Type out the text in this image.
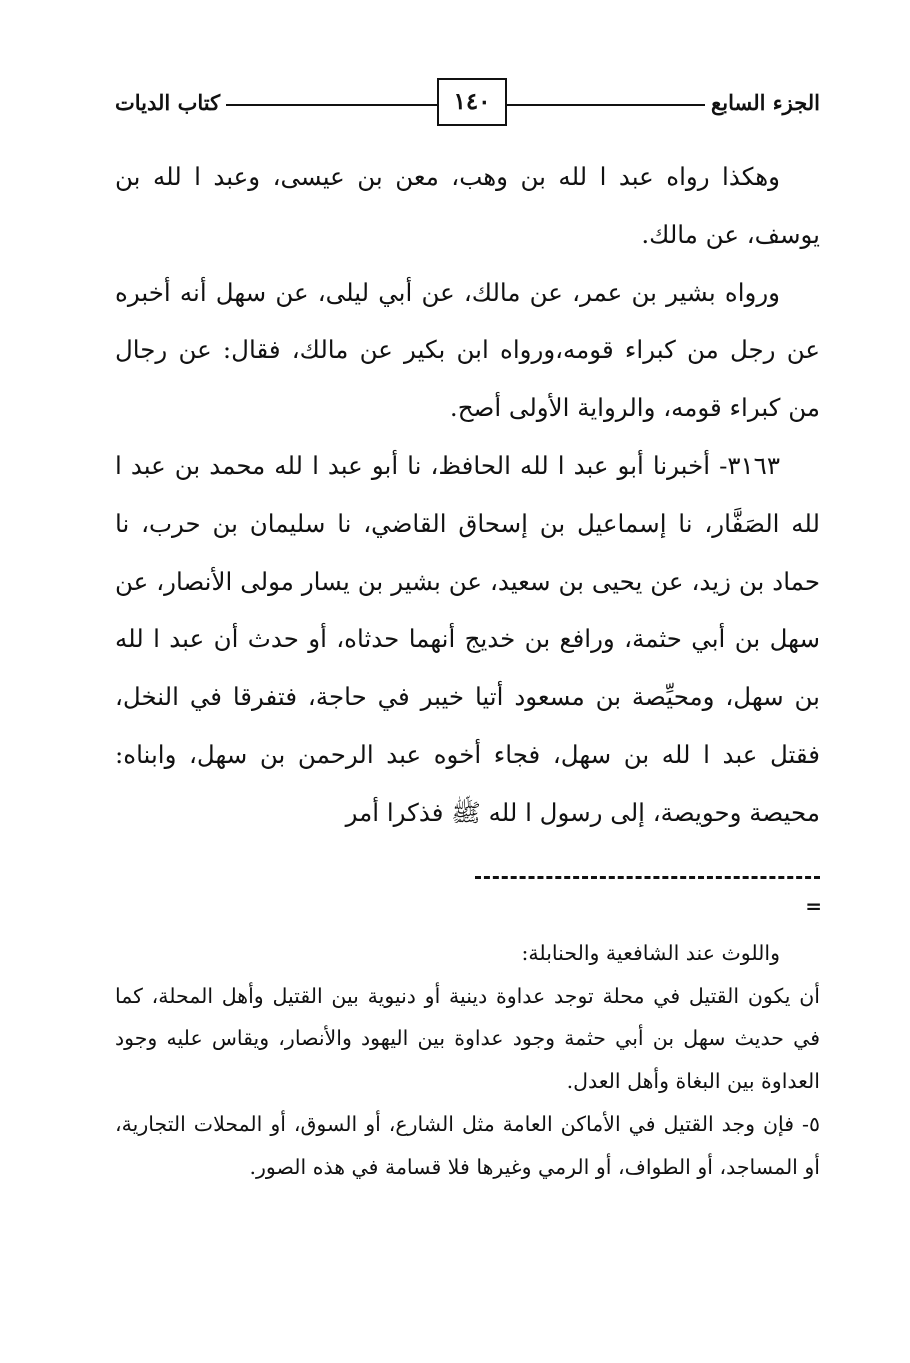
الجزء السابع
١٤٠
كتاب الديات

وهكذا رواه عبد ا لله بن وهب، معن بن عيسى، وعبد ا لله بن يوسف، عن مالك.

ورواه بشير بن عمر، عن مالك، عن أبي ليلى، عن سهل أنه أخبره عن رجل من كبراء قومه،ورواه ابن بكير عن مالك، فقال: عن رجال من كبراء قومه، والرواية الأولى أصح.

٣١٦٣- أخبرنا أبو عبد ا لله الحافظ، نا أبو عبد ا لله محمد بن عبد ا لله الصَفَّار، نا إسماعيل بن إسحاق القاضي، نا سليمان بن حرب، نا حماد بن زيد، عن يحيى بن سعيد، عن بشير بن يسار مولى الأنصار، عن سهل بن أبي حثمة، ورافع بن خديج أنهما حدثاه، أو حدث أن عبد ا لله بن سهل، ومحيِّصة بن مسعود أتيا خيبر في حاجة، فتفرقا في النخل، فقتل عبد ا لله بن سهل، فجاء أخوه عبد الرحمن بن سهل، وابناه: محيصة وحويصة، إلى رسول ا لله ﷺ فذكرا أمر

=

واللوث عند الشافعية والحنابلة:

أن يكون القتيل في محلة توجد عداوة دينية أو دنيوية بين القتيل وأهل المحلة، كما في حديث سهل بن أبي حثمة وجود عداوة بين اليهود والأنصار، ويقاس عليه وجود العداوة بين البغاة وأهل العدل.

٥- فإن وجد القتيل في الأماكن العامة مثل الشارع، أو السوق، أو المحلات التجارية، أو المساجد، أو الطواف، أو الرمي وغيرها فلا قسامة في هذه الصور.
